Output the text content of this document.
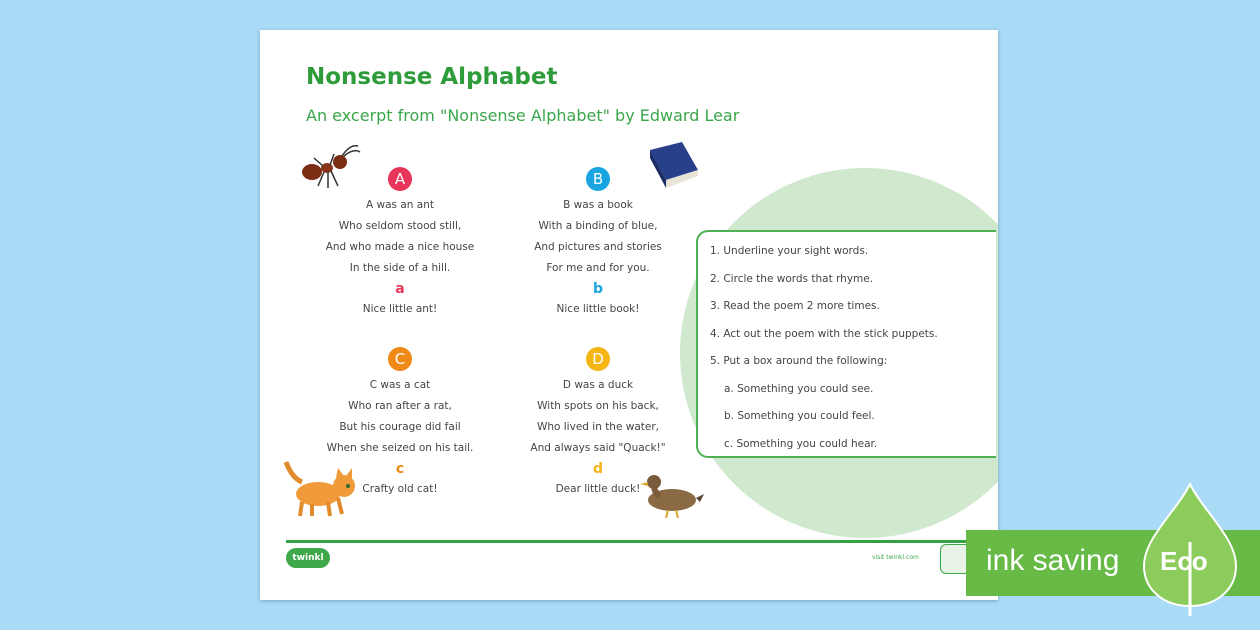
Nonsense Alphabet
An excerpt from "Nonsense Alphabet" by Edward Lear
A
A was an ant
Who seldom stood still,
And who made a nice house
In the side of a hill.
a
Nice little ant!
B
B was a book
With a binding of blue,
And pictures and stories
For me and for you.
b
Nice little book!
C
C was a cat
Who ran after a rat,
But his courage did fail
When she seized on his tail.
c
Crafty old cat!
D
D was a duck
With spots on his back,
Who lived in the water,
And always said "Quack!"
d
Dear little duck!
1. Underline your sight words.
2. Circle the words that rhyme.
3. Read the poem 2 more times.
4. Act out the poem with the stick puppets.
5. Put a box around the following:
a. Something you could see.
b. Something you could feel.
c. Something you could hear.
twinkl	visit twinkl.com ink saving Eco
